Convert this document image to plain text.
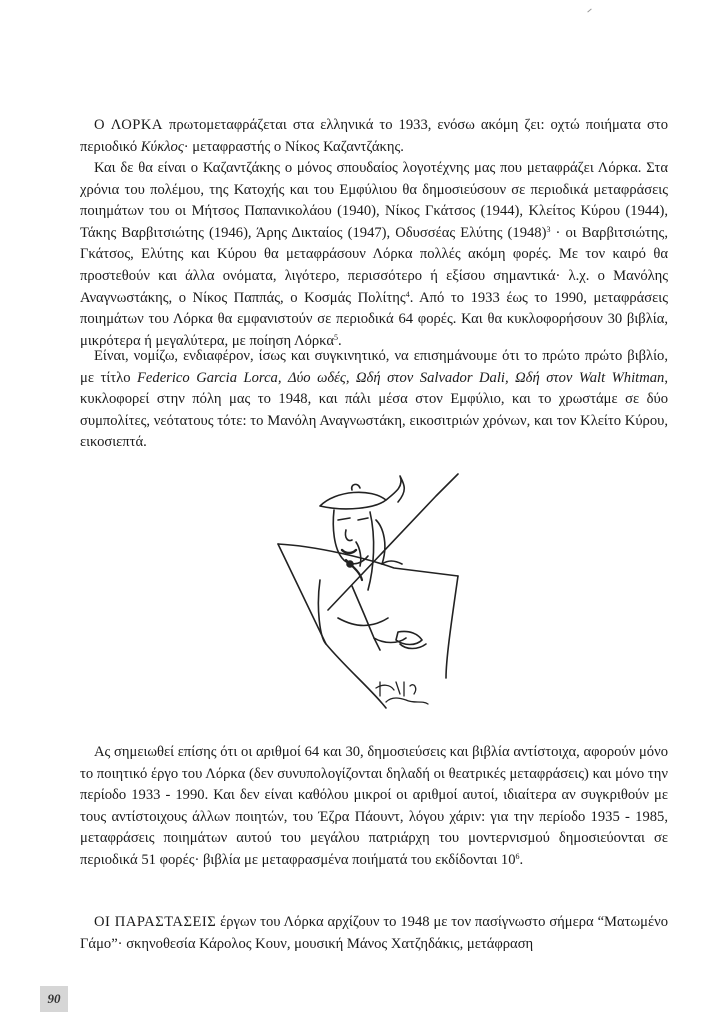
Ο ΛΟΡΚΑ πρωτομεταφράζεται στα ελληνικά το 1933, ενόσω ακόμη ζει: οχτώ ποιήματα στο περιοδικό Κύκλος· μεταφραστής ο Νίκος Καζαντζάκης.

Και δε θα είναι ο Καζαντζάκης ο μόνος σπουδαίος λογοτέχνης μας που μεταφράζει Λόρκα. Στα χρόνια του πολέμου, της Κατοχής και του Εμφύλιου θα δημοσιεύσουν σε περιοδικά μεταφράσεις ποιημάτων του οι Μήτσος Παπανικολάου (1940), Νίκος Γκάτσος (1944), Κλείτος Κύρου (1944), Τάκης Βαρβιτσιώτης (1946), Άρης Δικταίος (1947), Οδυσσέας Ελύτης $(1948)^3 \cdot o\iota$ Βαρβιτσιώτης, Γκάτσος, Ελύτης και Κύρου θα μεταφράσουν Λόρκα πολλές ακόμη φορές. Με τον καιρό θα προστεθούν και άλλα ονόματα, λιγότερο, περισσότερο ή εξίσου σημαντικά· λ.χ. ο Μανόλης Αναγνωστάκης, ο Νίκος Παππάς, ο Κοσμάς Πολίτης$^4$. Από το 1933 έως το 1990, μεταφράσεις ποιημάτων του Λόρκα θα εμφανιστούν σε περιοδικά 64 φορές. Και θα κυκλοφορήσουν 30 βιβλία, μικρότερα ή μεγαλύτερα, με ποίηση Λόρκα$^5$.

Είναι, νομίζω, ενδιαφέρον, ίσως και συγκινητικό, να επισημάνουμε ότι το πρώτο πρώτο βιβλίο, με τίτλο Federico Garcia Lorca, Δύο ωδές, Ωδή στον Salvador Dali, Ωδή στον Walt Whitman, κυκλοφορεί στην πόλη μας το 1948, και πάλι μέσα στον Εμφύλιο, και το χρωστάμε σε δύο συμπολίτες, νεότατους τότε: το Μανόλη Αναγνωστάκη, εικοσιτριών χρόνων, και τον Κλείτο Κύρου, εικοσιεπτά.

Ας σημειωθεί επίσης ότι οι αριθμοί 64 και 30, δημοσιεύσεις και βιβλία αντίστοιχα, αφορούν μόνο το ποιητικό έργο του Λόρκα (δεν συνυπολογίζονται δηλαδή οι θεατρικές μεταφράσεις) και μόνο την περίοδο 1933 - 1990. Και δεν είναι καθόλου μικροί οι αριθμοί αυτοί, ιδιαίτερα αν συγκριθούν με τους αντίστοιχους άλλων ποιητών, του Έζρα Πάουντ, λόγου χάριν: για την περίοδο 1935 - 1985, μεταφράσεις ποιημάτων αυτού του μεγάλου πατριάρχη του μοντερνισμού δημοσιεύονται σε περιοδικά 51 φορές· βιβλία με μεταφρασμένα ποιήματά του εκδίδονται $10^6$.

ΟΙ ΠΑΡΑΣΤΑΣΕΙΣ έργων του Λόρκα αρχίζουν το 1948 με τον πασίγνωστο σήμερα “Ματωμένο Γάμο”· σκηνοθεσία Κάρολος Κουν, μουσική Μάνος Χατζηδάκις, μετάφραση

90
